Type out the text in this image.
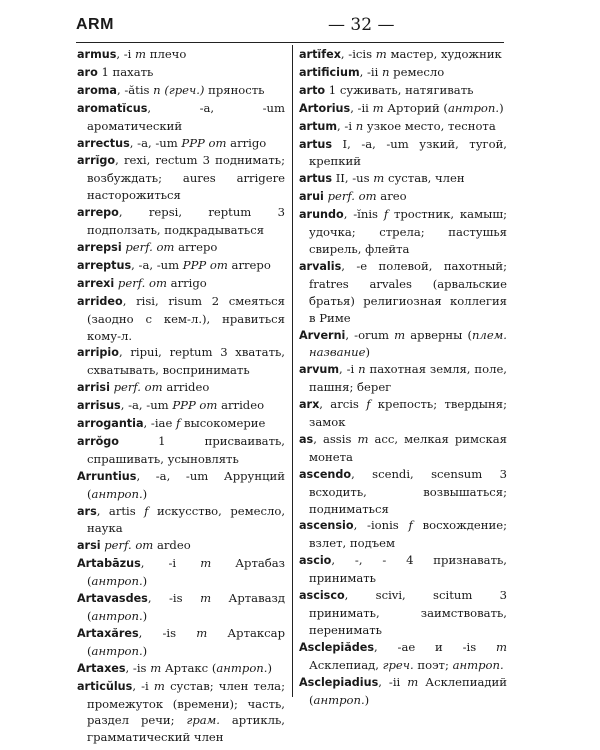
ARM	— 32 —

armus, -i m плечо

aro 1 пахать

aroma, -ătis n (греч.) пряность

aromatĭcus, -a, -um ароматический

arrectus, -a, -um PPP от arrigo

arrĭgo, rexi, rectum 3 поднимать; возбуждать; aures arrigere насторожиться

arrepo, repsi, reptum 3 подползать, подкрадываться

arrepsi perf. от arrepo

arreptus, -a, -um PPP от arrepo

arrexi perf. от arrigo

arrideo, risi, risum 2 смеяться (заодно с кем-л.), нравиться кому-л.

arripio, ripui, reptum 3 хватать, схватывать, воспринимать

arrisi perf. от arrideo

arrisus, -a, -um PPP от arrideo

arrogantia, -iae f высокомерие

arrŏgo 1 присваивать, спрашивать, усыновлять

Arruntius, -a, -um Аррунций (антроп.)

ars, artis f искусство, ремесло, наука

arsi perf. от ardeo

Artabāzus, -i m Артабаз (антроп.)

Artavasdes, -is m Артавазд (антроп.)

Artaxăres, -is m Артаксар (антроп.)

Artaxes, -is m Артакс (антроп.)

articŭlus, -i m сустав; член тела; промежуток (времени); часть, раздел речи; грам. артикль, грамматический член

artĭfex, -icis m мастер, художник

artificium, -ii n ремесло

arto 1 суживать, натягивать

Artorius, -ii m Арторий (антроп.)

artum, -i n узкое место, теснота

artus I, -a, -um узкий, тугой, крепкий

artus II, -us m сустав, член

arui perf. от areo

arundo, -ĭnis f тростник, камыш; удочка; стрела; пастушья свирель, флейта

arvalis, -e полевой, пахотный; fratres arvales (арвальские братья) религиозная коллегия в Риме

Arverni, -orum m арверны (плем. название)

arvum, -i n пахотная земля, поле, пашня; берег

arx, arcis f крепость; твердыня; замок

as, assis m асс, мелкая римская монета

ascendo, scendi, scensum 3 всходить, возвышаться; подниматься

ascensio, -ionis f восхождение; взлет, подъем

ascio, -, - 4 признавать, принимать

ascisco, scivi, scitum 3 принимать, заимствовать, перенимать

Asclepiădes, -ae и -is m Асклепиад, греч. поэт; антроп.

Asclepiadius, -ii m Асклепиадий (антроп.)
